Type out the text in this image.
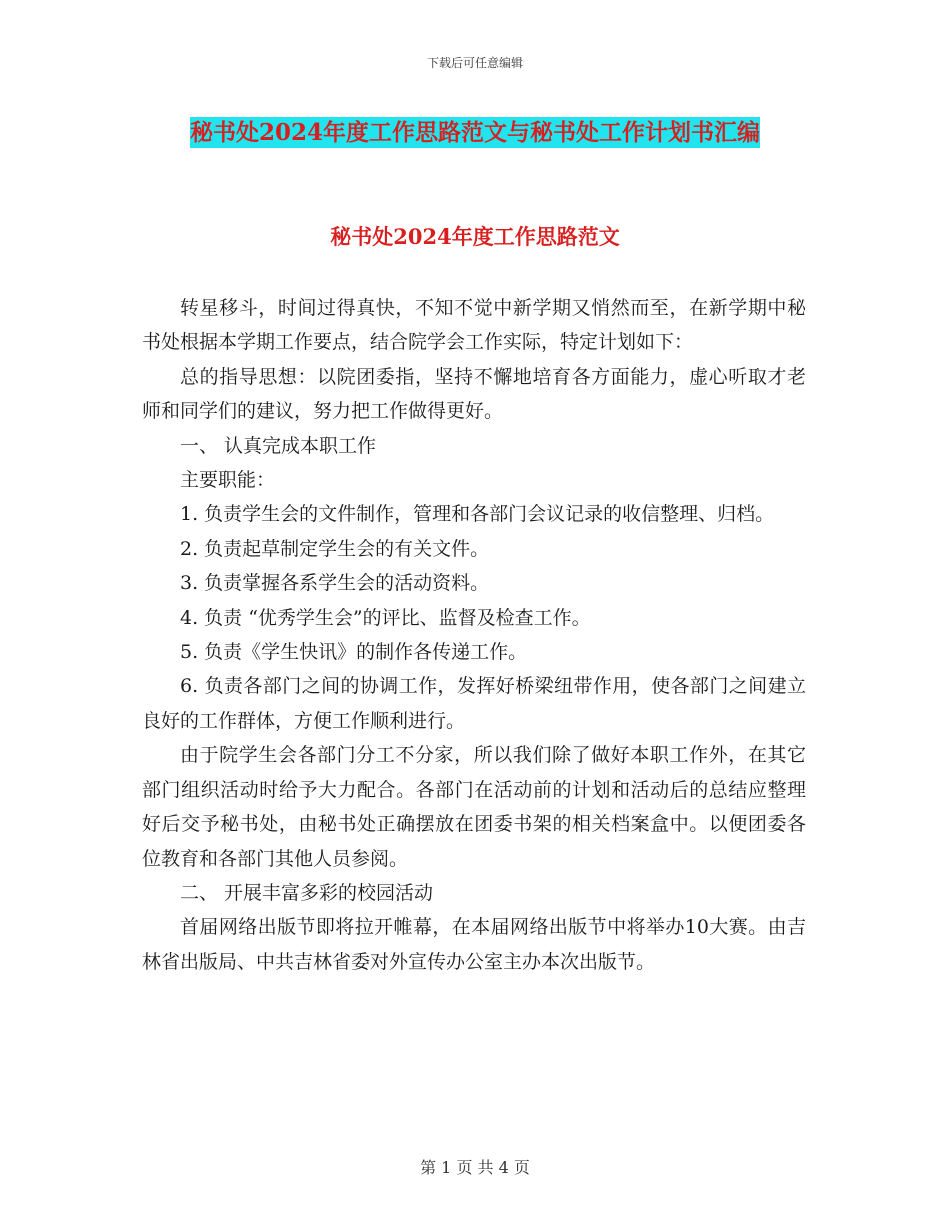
下载后可任意编辑
秘书处2024年度工作思路范文与秘书处工作计划书汇编
秘书处2024年度工作思路范文

转星移斗，时间过得真快，不知不觉中新学期又悄然而至，在新学期中秘书处根据本学期工作要点，结合院学会工作实际，特定计划如下：

总的指导思想：以院团委指，坚持不懈地培育各方面能力，虚心听取才老师和同学们的建议，努力把工作做得更好。

一、 认真完成本职工作

主要职能：

1. 负责学生会的文件制作，管理和各部门会议记录的收信整理、归档。

2. 负责起草制定学生会的有关文件。

3. 负责掌握各系学生会的活动资料。

4. 负责 “优秀学生会”的评比、监督及检查工作。

5. 负责《学生快讯》的制作各传递工作。

6. 负责各部门之间的协调工作，发挥好桥梁纽带作用，使各部门之间建立良好的工作群体，方便工作顺利进行。

由于院学生会各部门分工不分家，所以我们除了做好本职工作外，在其它部门组织活动时给予大力配合。各部门在活动前的计划和活动后的总结应整理好后交予秘书处，由秘书处正确摆放在团委书架的相关档案盒中。以便团委各位教育和各部门其他人员参阅。

二、 开展丰富多彩的校园活动

首届网络出版节即将拉开帷幕，在本届网络出版节中将举办10大赛。由吉林省出版局、中共吉林省委对外宣传办公室主办本次出版节。

第 1 页 共 4 页
